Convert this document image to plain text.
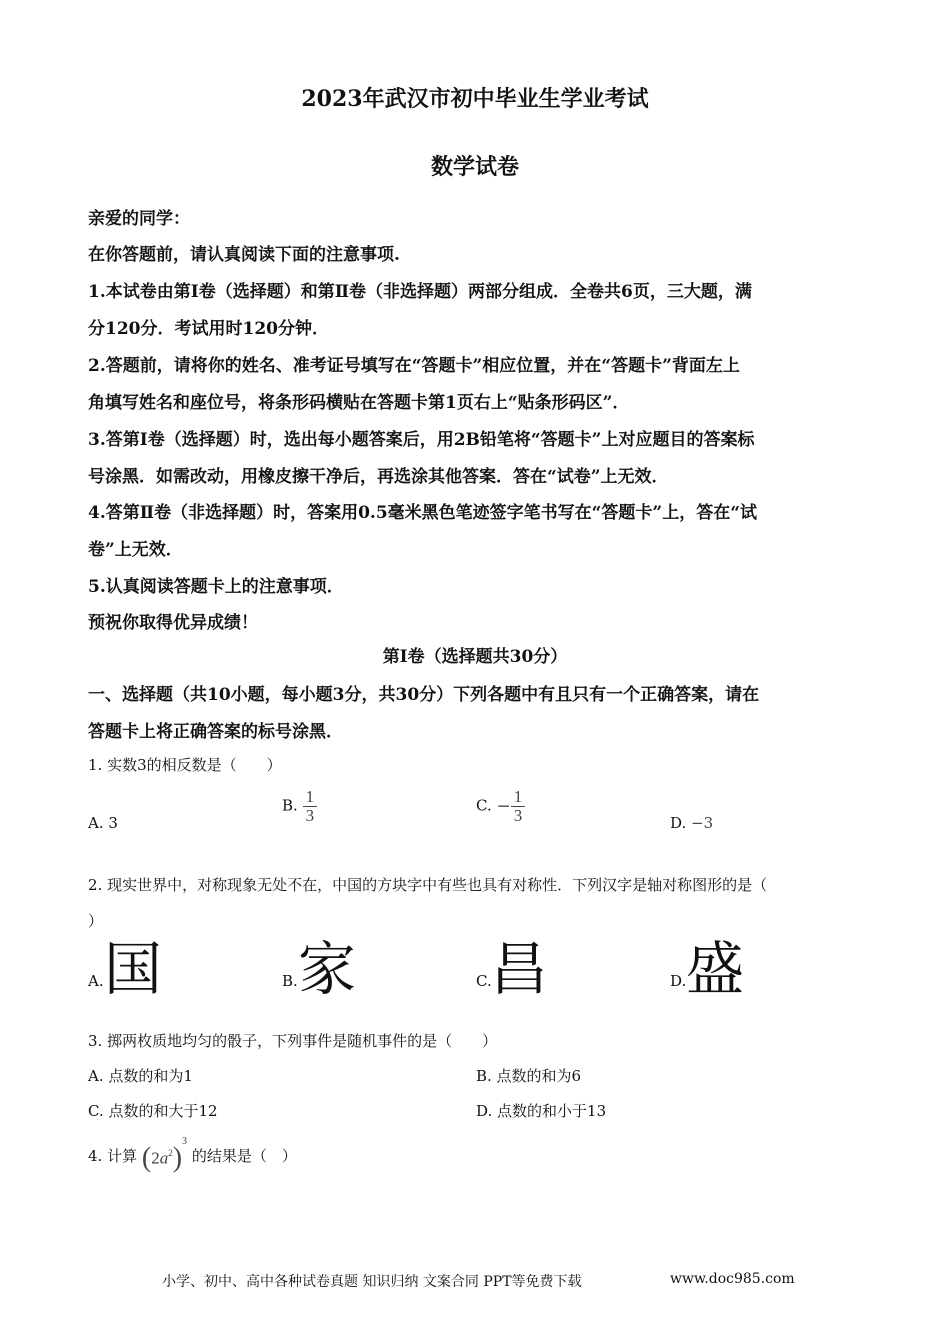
2023年武汉市初中毕业生学业考试
数学试卷
亲爱的同学：
在你答题前，请认真阅读下面的注意事项.
1.本试卷由第Ⅰ卷（选择题）和第Ⅱ卷（非选择题）两部分组成．全卷共6页，三大题，满
分120分．考试用时120分钟．
2.答题前，请将你的姓名、准考证号填写在“答题卡”相应位置，并在“答题卡”背面左上
角填写姓名和座位号，将条形码横贴在答题卡第1页右上“贴条形码区”．
3.答第Ⅰ卷（选择题）时，选出每小题答案后，用2B铅笔将“答题卡”上对应题目的答案标
号涂黑．如需改动，用橡皮擦干净后，再选涂其他答案．答在“试卷”上无效．
4.答第Ⅱ卷（非选择题）时，答案用0.5毫米黑色笔迹签字笔书写在“答题卡”上，答在“试
卷”上无效．
5.认真阅读答题卡上的注意事项．
预祝你取得优异成绩！
第Ⅰ卷（选择题共30分）
一、选择题（共10小题，每小题3分，共30分）下列各题中有且只有一个正确答案，请在
答题卡上将正确答案的标号涂黑．
1. 实数3的相反数是（　　）
A. 3
B. $\frac{1}{3}$	C. − $\frac{1}{3}$	D. −3
2. 现实世界中，对称现象无处不在，中国的方块字中有些也具有对称性．下列汉字是轴对称图形的是（
）
A. 国	B. 家	C.
昌	D. 盛
3. 掷两枚质地均匀的骰子，下列事件是随机事件的是（　　）
A. 点数的和为1	B. 点数的和为6
C. 点数的和大于12	D. 点数的和小于13
4. 计算 $(2a^2)^3$ 的结果是（　）
小学、初中、高中各种试卷真题 知识归纳 文案合同 PPT等免费下载	www.doc985.com
